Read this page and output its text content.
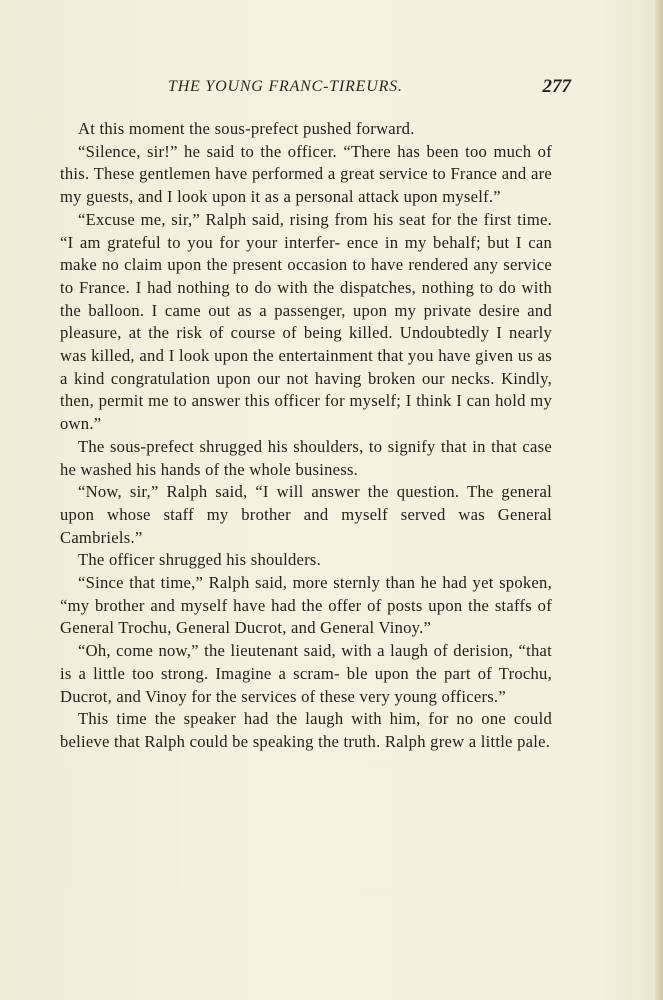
THE YOUNG FRANC-TIREURS.	277

At this moment the sous-prefect pushed forward.

“Silence, sir!” he said to the officer. “There has been too much of this. These gentlemen have performed a great service to France and are my guests, and I look upon it as a personal attack upon myself.”

“Excuse me, sir,” Ralph said, rising from his seat for the first time. “I am grateful to you for your interfer- ence in my behalf; but I can make no claim upon the present occasion to have rendered any service to France. I had nothing to do with the dispatches, nothing to do with the balloon. I came out as a passenger, upon my private desire and pleasure, at the risk of course of being killed. Undoubtedly I nearly was killed, and I look upon the entertainment that you have given us as a kind congratulation upon our not having broken our necks. Kindly, then, permit me to answer this officer for myself; I think I can hold my own.”

The sous-prefect shrugged his shoulders, to signify that in that case he washed his hands of the whole business.

“Now, sir,” Ralph said, “I will answer the question. The general upon whose staff my brother and myself served was General Cambriels.”

The officer shrugged his shoulders.

“Since that time,” Ralph said, more sternly than he had yet spoken, “my brother and myself have had the offer of posts upon the staffs of General Trochu, General Ducrot, and General Vinoy.”

“Oh, come now,” the lieutenant said, with a laugh of derision, “that is a little too strong. Imagine a scram- ble upon the part of Trochu, Ducrot, and Vinoy for the services of these very young officers.”

This time the speaker had the laugh with him, for no one could believe that Ralph could be speaking the truth. Ralph grew a little pale.
